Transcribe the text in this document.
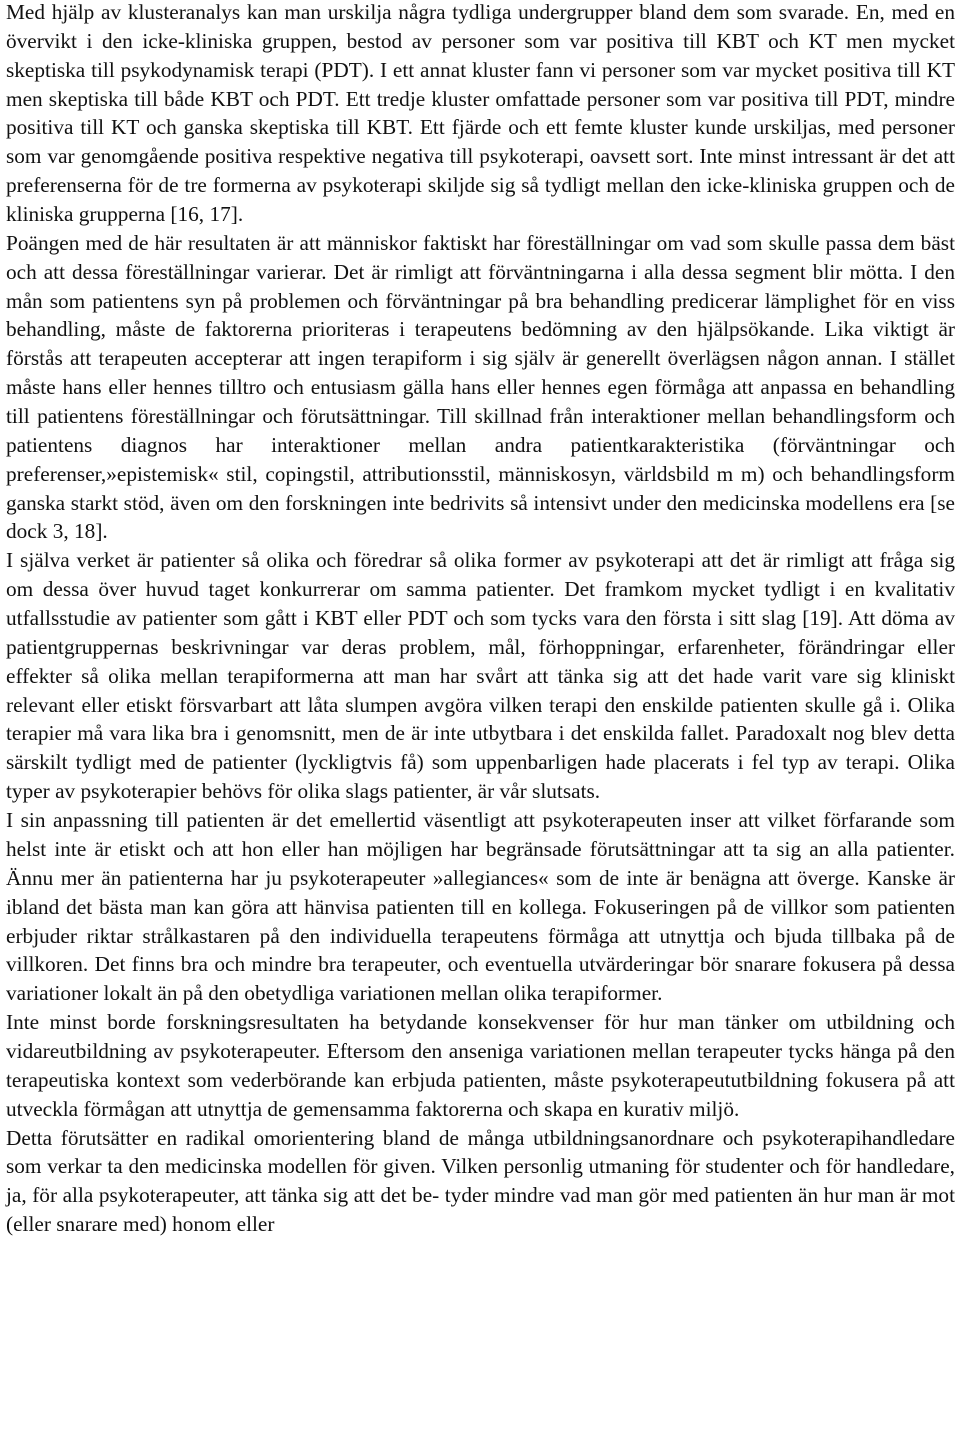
Med hjälp av klusteranalys kan man urskilja några tydliga undergrupper bland dem som svarade. En, med en övervikt i den icke-kliniska gruppen, bestod av personer som var positiva till KBT och KT men mycket skeptiska till psykodynamisk terapi (PDT). I ett annat kluster fann vi personer som var mycket positiva till KT men skeptiska till både KBT och PDT. Ett tredje kluster omfattade personer som var positiva till PDT, mindre positiva till KT och ganska skeptiska till KBT. Ett fjärde och ett femte kluster kunde urskiljas, med personer som var genomgående positiva respektive negativa till psykoterapi, oavsett sort. Inte minst intressant är det att preferenserna för de tre formerna av psykoterapi skiljde sig så tydligt mellan den icke-kliniska gruppen och de kliniska grupperna [16, 17].

Poängen med de här resultaten är att människor faktiskt har föreställningar om vad som skulle passa dem bäst och att dessa föreställningar varierar. Det är rimligt att förväntningarna i alla dessa segment blir mötta. I den mån som patientens syn på problemen och förväntningar på bra behandling predicerar lämplighet för en viss behandling, måste de faktorerna prioriteras i terapeutens bedömning av den hjälpsökande. Lika viktigt är förstås att terapeuten accepterar att ingen terapiform i sig själv är generellt överlägsen någon annan. I stället måste hans eller hennes tilltro och entusiasm gälla hans eller hennes egen förmåga att anpassa en behandling till patientens föreställningar och förutsättningar. Till skillnad från interaktioner mellan behandlingsform och patientens diagnos har interaktioner mellan andra patientkarakteristika (förväntningar och preferenser,»epistemisk« stil, copingstil, attributionsstil, människosyn, världsbild m m) och behandlingsform ganska starkt stöd, även om den forskningen inte bedrivits så intensivt under den medicinska modellens era [se dock 3, 18].

I själva verket är patienter så olika och föredrar så olika former av psykoterapi att det är rimligt att fråga sig om dessa över huvud taget konkurrerar om samma patienter. Det framkom mycket tydligt i en kvalitativ utfallsstudie av patienter som gått i KBT eller PDT och som tycks vara den första i sitt slag [19]. Att döma av patientgruppernas beskrivningar var deras problem, mål, förhoppningar, erfarenheter, förändringar eller effekter så olika mellan terapiformerna att man har svårt att tänka sig att det hade varit vare sig kliniskt relevant eller etiskt försvarbart att låta slumpen avgöra vilken terapi den enskilde patienten skulle gå i. Olika terapier må vara lika bra i genomsnitt, men de är inte utbytbara i det enskilda fallet. Paradoxalt nog blev detta särskilt tydligt med de patienter (lyckligtvis få) som uppenbarligen hade placerats i fel typ av terapi. Olika typer av psykoterapier behövs för olika slags patienter, är vår slutsats.

I sin anpassning till patienten är det emellertid väsentligt att psykoterapeuten inser att vilket förfarande som helst inte är etiskt och att hon eller han möjligen har begränsade förutsättningar att ta sig an alla patienter. Ännu mer än patienterna har ju psykoterapeuter »allegiances« som de inte är benägna att överge. Kanske är ibland det bästa man kan göra att hänvisa patienten till en kollega. Fokuseringen på de villkor som patienten erbjuder riktar strålkastaren på den individuella terapeutens förmåga att utnyttja och bjuda tillbaka på de villkoren. Det finns bra och mindre bra terapeuter, och eventuella utvärderingar bör snarare fokusera på dessa variationer lokalt än på den obetydliga variationen mellan olika terapiformer.

Inte minst borde forskningsresultaten ha betydande konsekvenser för hur man tänker om utbildning och vidareutbildning av psykoterapeuter. Eftersom den anseniga variationen mellan terapeuter tycks hänga på den terapeutiska kontext som vederbörande kan erbjuda patienten, måste psykoterapeututbildning fokusera på att utveckla förmågan att utnyttja de gemensamma faktorerna och skapa en kurativ miljö.

Detta förutsätter en radikal omorientering bland de många utbildningsanordnare och psykoterapihandledare som verkar ta den medicinska modellen för given. Vilken personlig utmaning för studenter och för handledare, ja, för alla psykoterapeuter, att tänka sig att det be- tyder mindre vad man gör med patienten än hur man är mot (eller snarare med) honom eller
